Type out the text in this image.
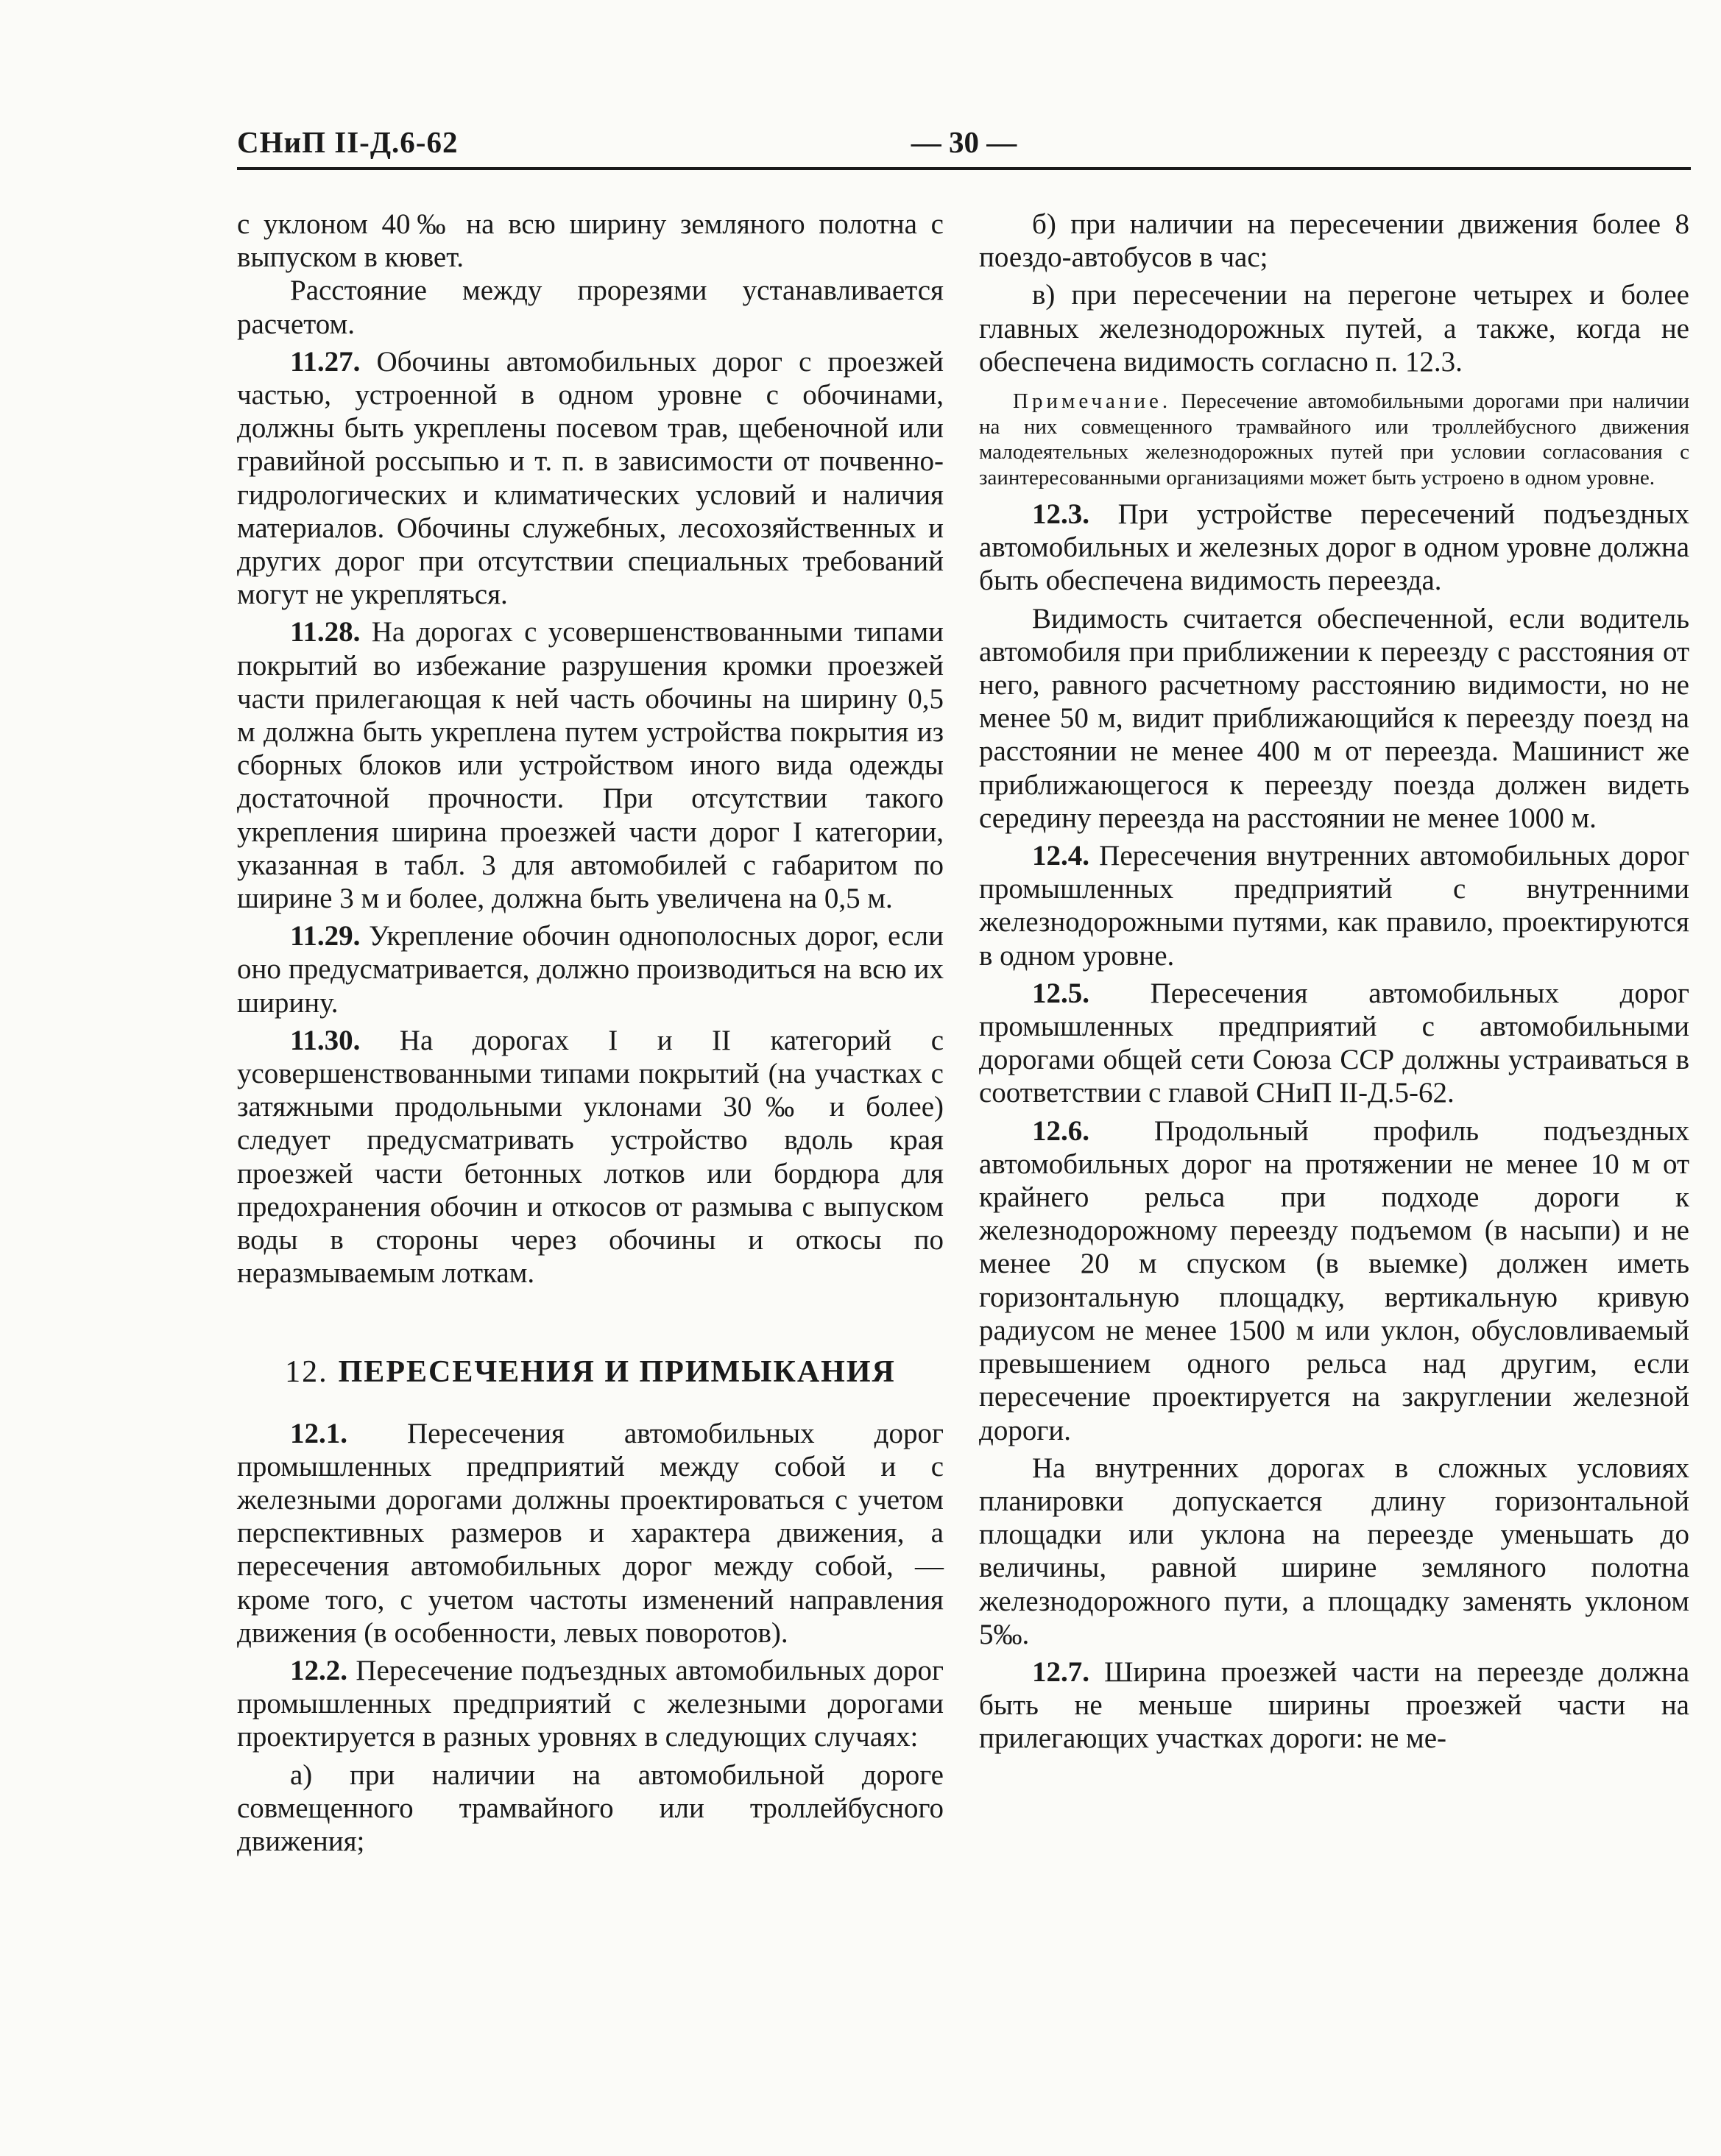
СНиП II-Д.6-62	— 30 —

с уклоном 40‰ на всю ширину земляного полотна с выпуском в кювет.

Расстояние между прорезями устанавливается расчетом.

11.27. Обочины автомобильных дорог с проезжей частью, устроенной в одном уровне с обочинами, должны быть укреплены посевом трав, щебеночной или гравийной россыпью и т. п. в зависимости от почвенно-гидрологических и климатических условий и наличия материалов. Обочины служебных, лесохозяйственных и других дорог при отсутствии специальных требований могут не укрепляться.

11.28. На дорогах с усовершенствованными типами покрытий во избежание разрушения кромки проезжей части прилегающая к ней часть обочины на ширину 0,5 м должна быть укреплена путем устройства покрытия из сборных блоков или устройством иного вида одежды достаточной прочности. При отсутствии такого укрепления ширина проезжей части дорог I категории, указанная в табл. 3 для автомобилей с габаритом по ширине 3 м и более, должна быть увеличена на 0,5 м.

11.29. Укрепление обочин однополосных дорог, если оно предусматривается, должно производиться на всю их ширину.

11.30. На дорогах I и II категорий с усовершенствованными типами покрытий (на участках с затяжными продольными уклонами 30‰ и более) следует предусматривать устройство вдоль края проезжей части бетонных лотков или бордюра для предохранения обочин и откосов от размыва с выпуском воды в стороны через обочины и откосы по неразмываемым лоткам.

12. ПЕРЕСЕЧЕНИЯ И ПРИМЫКАНИЯ

12.1. Пересечения автомобильных дорог промышленных предприятий между собой и с железными дорогами должны проектироваться с учетом перспективных размеров и характера движения, а пересечения автомобильных дорог между собой, — кроме того, с учетом частоты изменений направления движения (в особенности, левых поворотов).

12.2. Пересечение подъездных автомобильных дорог промышленных предприятий с железными дорогами проектируется в разных уровнях в следующих случаях:

а) при наличии на автомобильной дороге совмещенного трамвайного или троллейбусного движения;

б) при наличии на пересечении движения более 8 поездо-автобусов в час;

в) при пересечении на перегоне четырех и более главных железнодорожных путей, а также, когда не обеспечена видимость согласно п. 12.3.

Примечание. Пересечение автомобильными дорогами при наличии на них совмещенного трамвайного или троллейбусного движения малодеятельных железнодорожных путей при условии согласования с заинтересованными организациями может быть устроено в одном уровне.

12.3. При устройстве пересечений подъездных автомобильных и железных дорог в одном уровне должна быть обеспечена видимость переезда.

Видимость считается обеспеченной, если водитель автомобиля при приближении к переезду с расстояния от него, равного расчетному расстоянию видимости, но не менее 50 м, видит приближающийся к переезду поезд на расстоянии не менее 400 м от переезда. Машинист же приближающегося к переезду поезда должен видеть середину переезда на расстоянии не менее 1000 м.

12.4. Пересечения внутренних автомобильных дорог промышленных предприятий с внутренними железнодорожными путями, как правило, проектируются в одном уровне.

12.5. Пересечения автомобильных дорог промышленных предприятий с автомобильными дорогами общей сети Союза ССР должны устраиваться в соответствии с главой СНиП II-Д.5-62.

12.6. Продольный профиль подъездных автомобильных дорог на протяжении не менее 10 м от крайнего рельса при подходе дороги к железнодорожному переезду подъемом (в насыпи) и не менее 20 м спуском (в выемке) должен иметь горизонтальную площадку, вертикальную кривую радиусом не менее 1500 м или уклон, обусловливаемый превышением одного рельса над другим, если пересечение проектируется на закруглении железной дороги.

На внутренних дорогах в сложных условиях планировки допускается длину горизонтальной площадки или уклона на переезде уменьшать до величины, равной ширине земляного полотна железнодорожного пути, а площадку заменять уклоном 5‰.

12.7. Ширина проезжей части на переезде должна быть не меньше ширины проезжей части на прилегающих участках дороги: не ме-
